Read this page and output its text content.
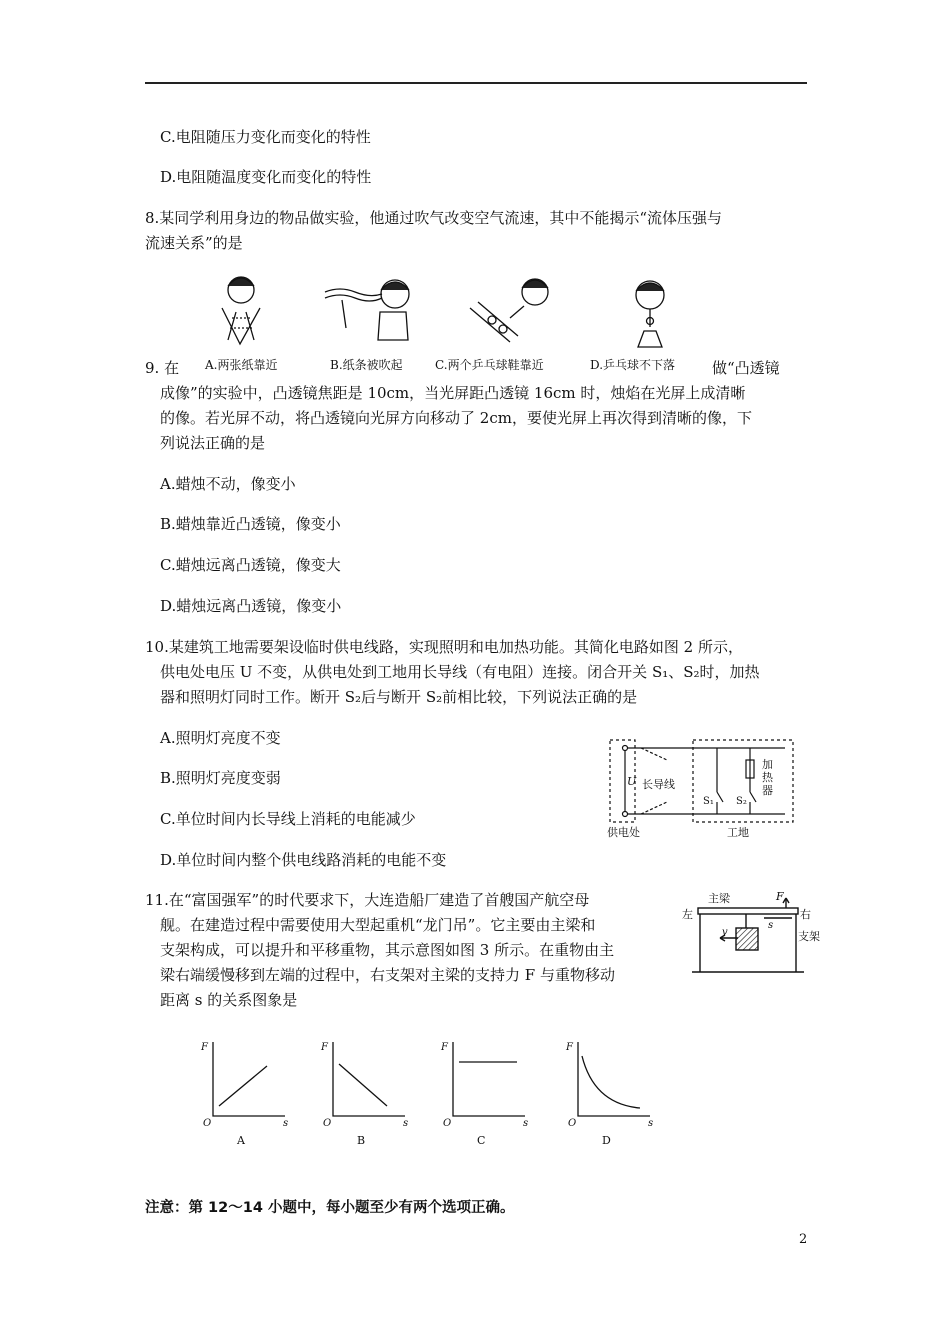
C.电阻随压力变化而变化的特性
D.电阻随温度变化而变化的特性
8.某同学利用身边的物品做实验，他通过吹气改变空气流速，其中不能揭示“流体压强与
流速关系”的是
A.两张纸靠近	B.纸条被吹起	C.两个乒乓球鞋靠近	D.乒乓球不下落
9. 在	做“凸透镜
成像”的实验中，凸透镜焦距是 10cm，当光屏距凸透镜 16cm 时，烛焰在光屏上成清晰
的像。若光屏不动，将凸透镜向光屏方向移动了 2cm，要使光屏上再次得到清晰的像，下
列说法正确的是
A.蜡烛不动，像变小
B.蜡烛靠近凸透镜，像变小
C.蜡烛远离凸透镜，像变大
D.蜡烛远离凸透镜，像变小
10.某建筑工地需要架设临时供电线路，实现照明和电加热功能。其简化电路如图 2 所示，
供电处电压 U 不变，从供电处到工地用长导线（有电阻）连接。闭合开关 S₁、S₂时，加热
器和照明灯同时工作。断开 S₂后与断开 S₂前相比较，下列说法正确的是
A.照明灯亮度不变
B.照明灯亮度变弱
C.单位时间内长导线上消耗的电能减少
D.单位时间内整个供电线路消耗的电能不变
U 长导线
S₁ S₂
供电处	工地
加热器
11.在“富国强军”的时代要求下，大连造船厂建造了首艘国产航空母
舰。在建造过程中需要使用大型起重机“龙门吊”。它主要由主梁和
支架构成，可以提升和平移重物，其示意图如图 3 所示。在重物由主
梁右端缓慢移到左端的过程中，右支架对主梁的支持力 F 与重物移动
距离 s 的关系图象是
主梁
左	右
支架
F
s
v
F
O	s
A
F
O	s
B
F
O	s
C
F
O	s
D
注意：第 12～14 小题中，每小题至少有两个选项正确。
2
